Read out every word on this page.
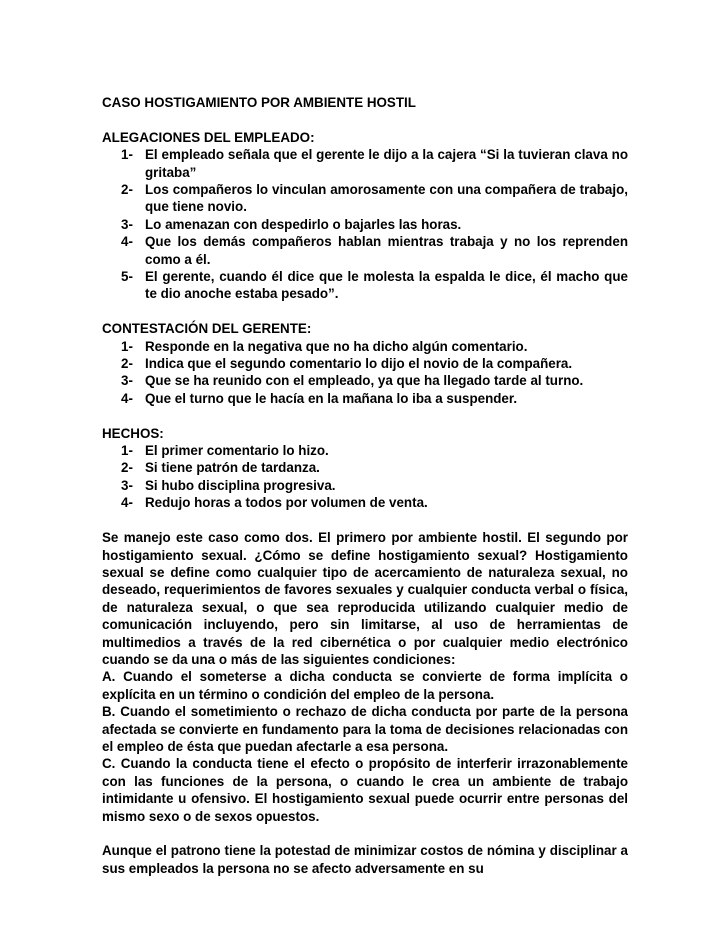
CASO HOSTIGAMIENTO POR AMBIENTE HOSTIL
ALEGACIONES DEL EMPLEADO:
1- El empleado señala que el gerente le dijo a la cajera “Si la tuvieran clava no gritaba”
2- Los compañeros lo vinculan amorosamente con una compañera de trabajo, que tiene novio.
3- Lo amenazan con despedirlo o bajarles las horas.
4- Que los demás compañeros hablan mientras trabaja y no los reprenden como a él.
5- El gerente, cuando él dice que le molesta la espalda le dice, él macho que te dio anoche estaba pesado”.
CONTESTACIÓN DEL GERENTE:
1- Responde en la negativa que no ha dicho algún comentario.
2- Indica que el segundo comentario lo dijo el novio de la compañera.
3- Que se ha reunido con el empleado, ya que ha llegado tarde al turno.
4- Que el turno que le hacía en la mañana lo iba a suspender.
HECHOS:
1- El primer comentario lo hizo.
2- Si tiene patrón de tardanza.
3- Si hubo disciplina progresiva.
4- Redujo horas a todos por volumen de venta.

Se manejo este caso como dos. El primero por ambiente hostil. El segundo por hostigamiento sexual. ¿Cómo se define hostigamiento sexual? Hostigamiento sexual se define como cualquier tipo de acercamiento de naturaleza sexual, no deseado, requerimientos de favores sexuales y cualquier conducta verbal o física, de naturaleza sexual, o que sea reproducida utilizando cualquier medio de comunicación incluyendo, pero sin limitarse, al uso de herramientas de multimedios a través de la red cibernética o por cualquier medio electrónico cuando se da una o más de las siguientes condiciones:

A. Cuando el someterse a dicha conducta se convierte de forma implícita o explícita en un término o condición del empleo de la persona.

B. Cuando el sometimiento o rechazo de dicha conducta por parte de la persona afectada se convierte en fundamento para la toma de decisiones relacionadas con el empleo de ésta que puedan afectarle a esa persona.

C. Cuando la conducta tiene el efecto o propósito de interferir irrazonablemente con las funciones de la persona, o cuando le crea un ambiente de trabajo intimidante u ofensivo. El hostigamiento sexual puede ocurrir entre personas del mismo sexo o de sexos opuestos.

Aunque el patrono tiene la potestad de minimizar costos de nómina y disciplinar a sus empleados la persona no se afecto adversamente en su
